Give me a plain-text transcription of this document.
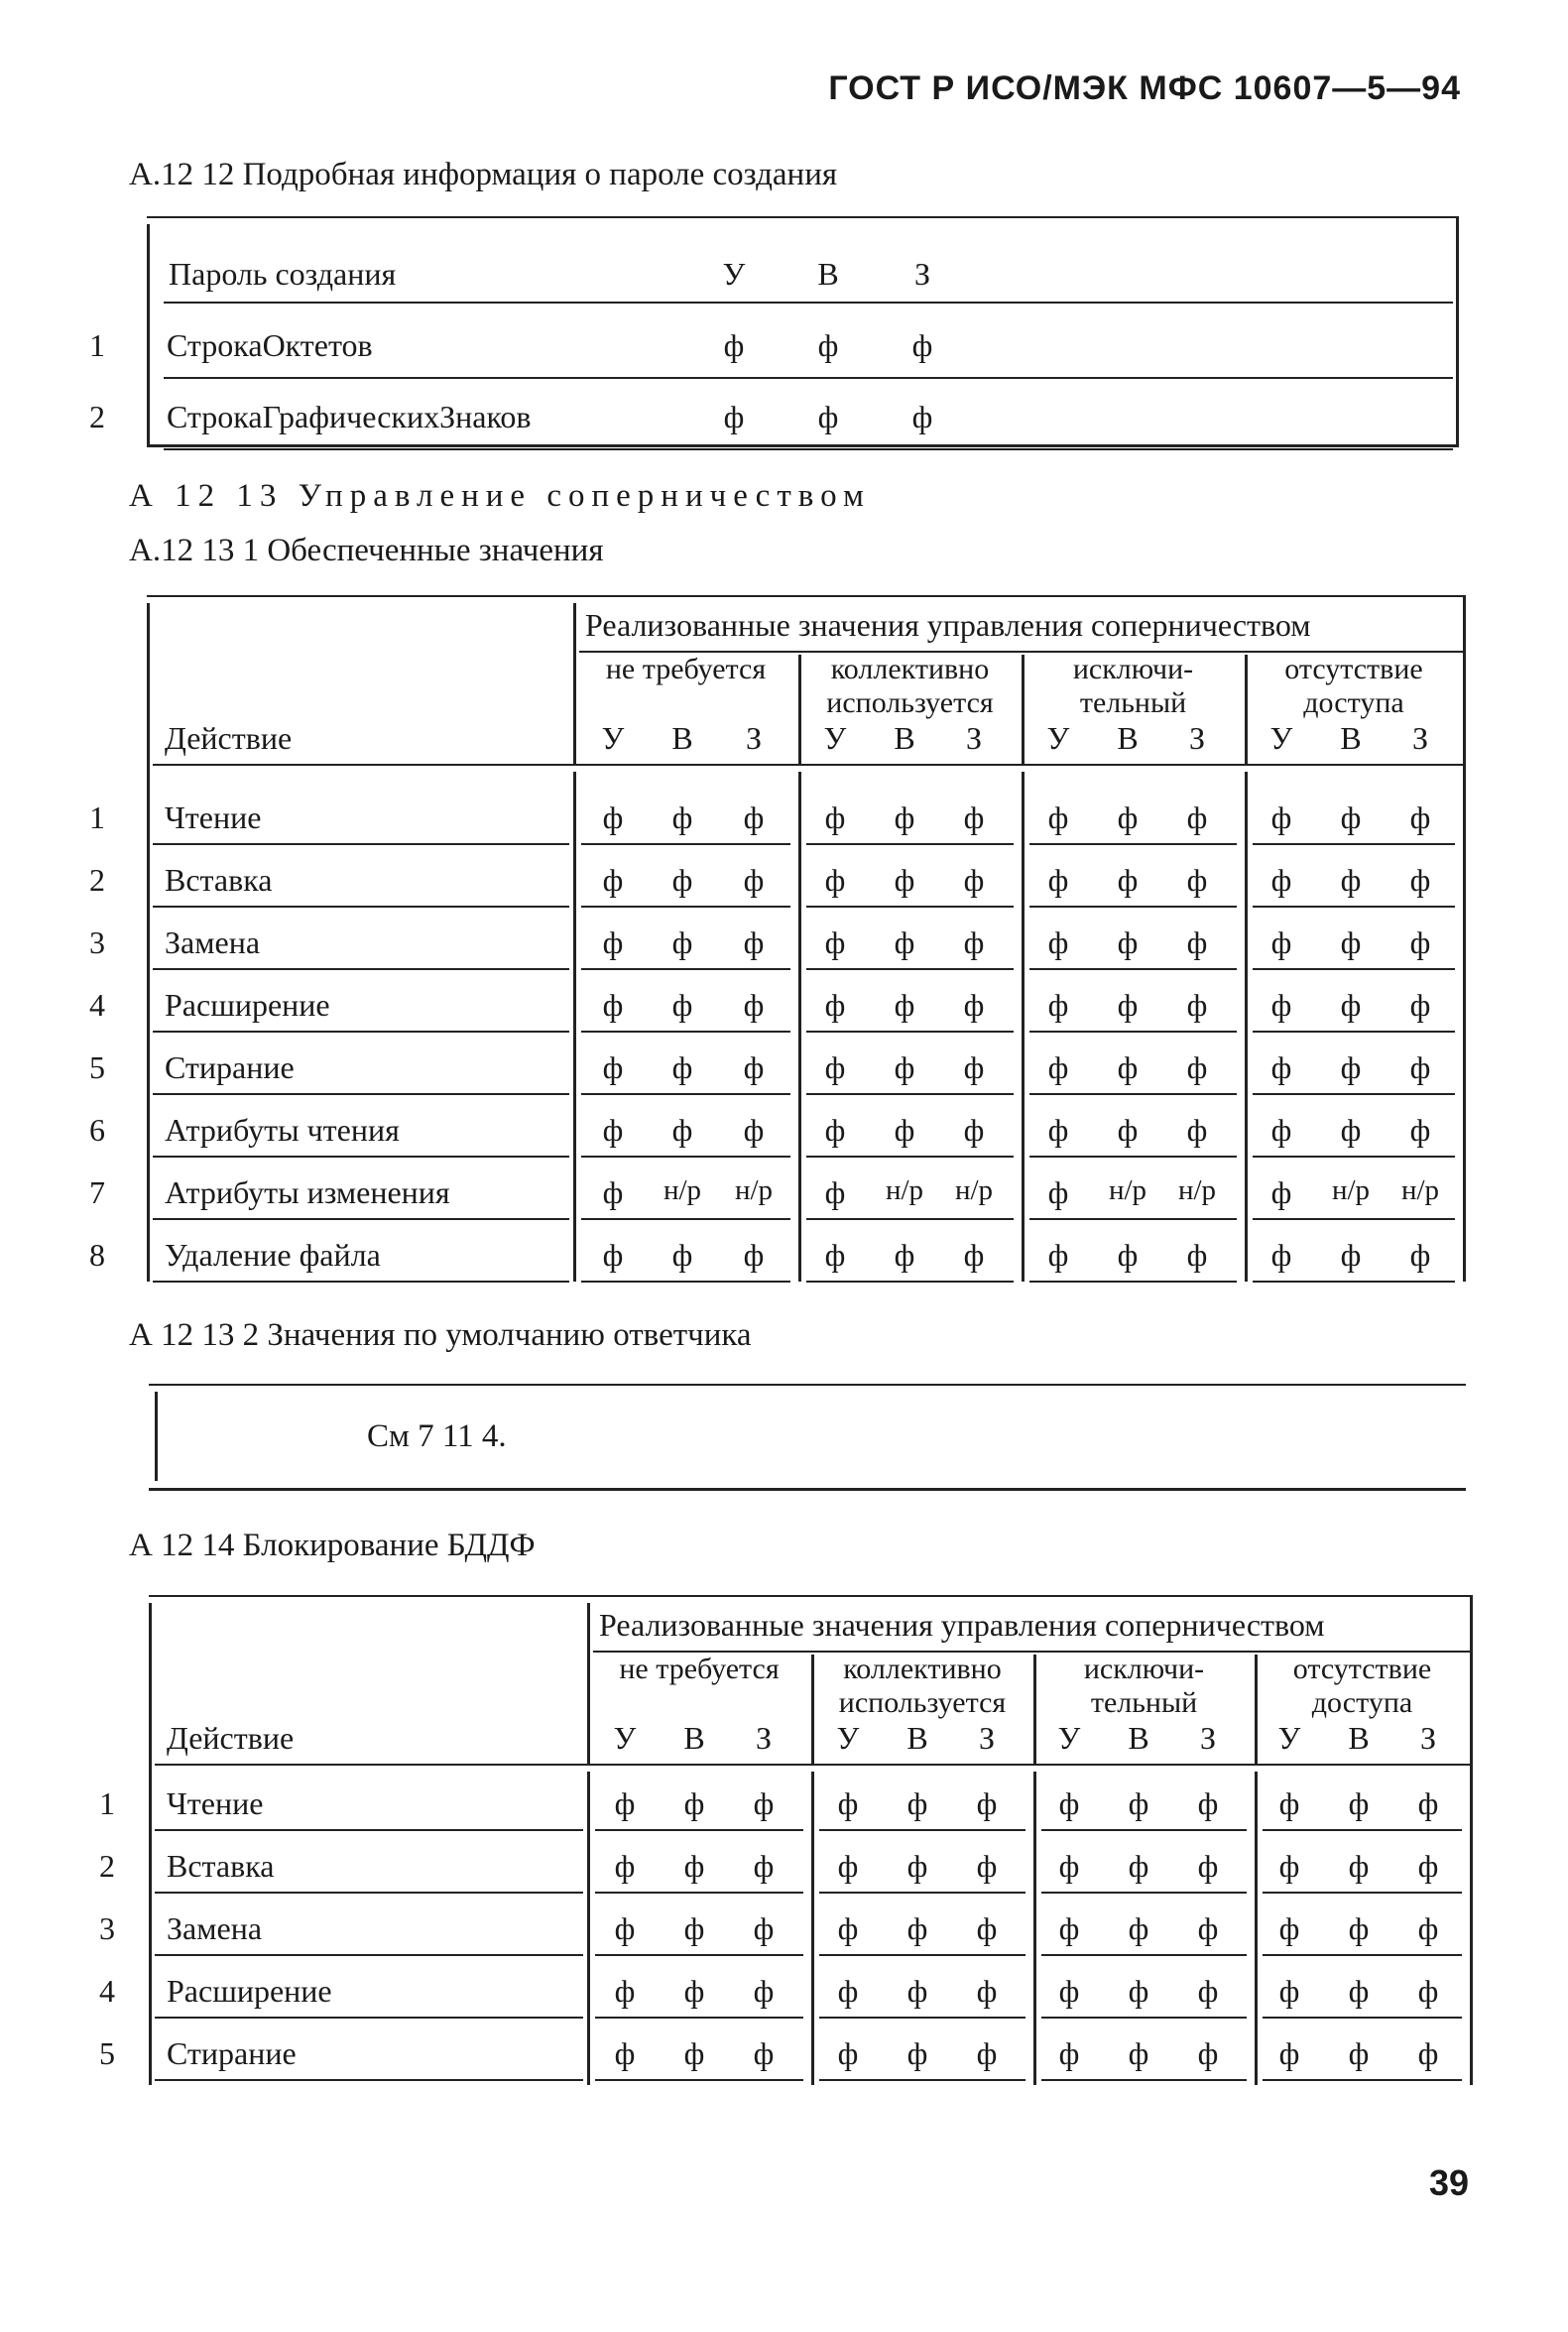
ГОСТ Р ИСО/МЭК МФС 10607—5—94
А.12 12 Подробная информация о пароле создания
Пароль создания	У В	З
1	СтрокаОктетов	ф	ф	ф
2	СтрокаГрафическихЗнаков	ф	ф	ф
А 12 13 Управление соперничеством
А.12 13 1 Обеспеченные значения
Реализованные значения управления соперничеством
не требуется
У В	З
коллективно
используется
У В	З
исключи-
тельный
У В	З
отсутствие
доступа
У В	З
Действие
1	Чтение	ф	ф	ф	ф	ф	ф	ф	ф	ф	ф	ф	ф
2	Вставка	ф	ф	ф	ф	ф	ф	ф	ф	ф	ф	ф	ф
3	Замена	ф	ф	ф	ф	ф	ф	ф	ф	ф	ф	ф	ф
4	Расширение	ф	ф	ф	ф	ф	ф	ф	ф	ф	ф	ф	ф
5	Стирание	ф	ф	ф	ф	ф	ф	ф	ф	ф	ф	ф	ф
6	Атрибуты чтения	ф	ф	ф	ф	ф	ф	ф	ф	ф	ф	ф	ф
7	Атрибуты изменения	ф	н/р	н/р	ф	н/р	н/р	ф	н/р	н/р	ф	н/р	н/р
8	Удаление файла	ф	ф	ф	ф	ф	ф	ф	ф	ф	ф	ф	ф
А 12 13 2 Значения по умолчанию ответчика
См 7 11 4.
А 12 14 Блокирование БДДФ
Реализованные значения управления соперничеством
не требуется
У В	З
коллективно
используется
У В	З
исключи-
тельный
У В	З
отсутствие
доступа
У В	З
Действие
1	Чтение	ф	ф	ф	ф	ф	ф	ф	ф	ф	ф	ф	ф
2	Вставка	ф	ф	ф	ф	ф	ф	ф	ф	ф	ф	ф	ф
3	Замена	ф	ф	ф	ф	ф	ф	ф	ф	ф	ф	ф	ф
4	Расширение	ф	ф	ф	ф	ф	ф	ф	ф	ф	ф	ф	ф
5	Стирание	ф	ф	ф	ф	ф	ф	ф	ф	ф	ф	ф	ф
39
